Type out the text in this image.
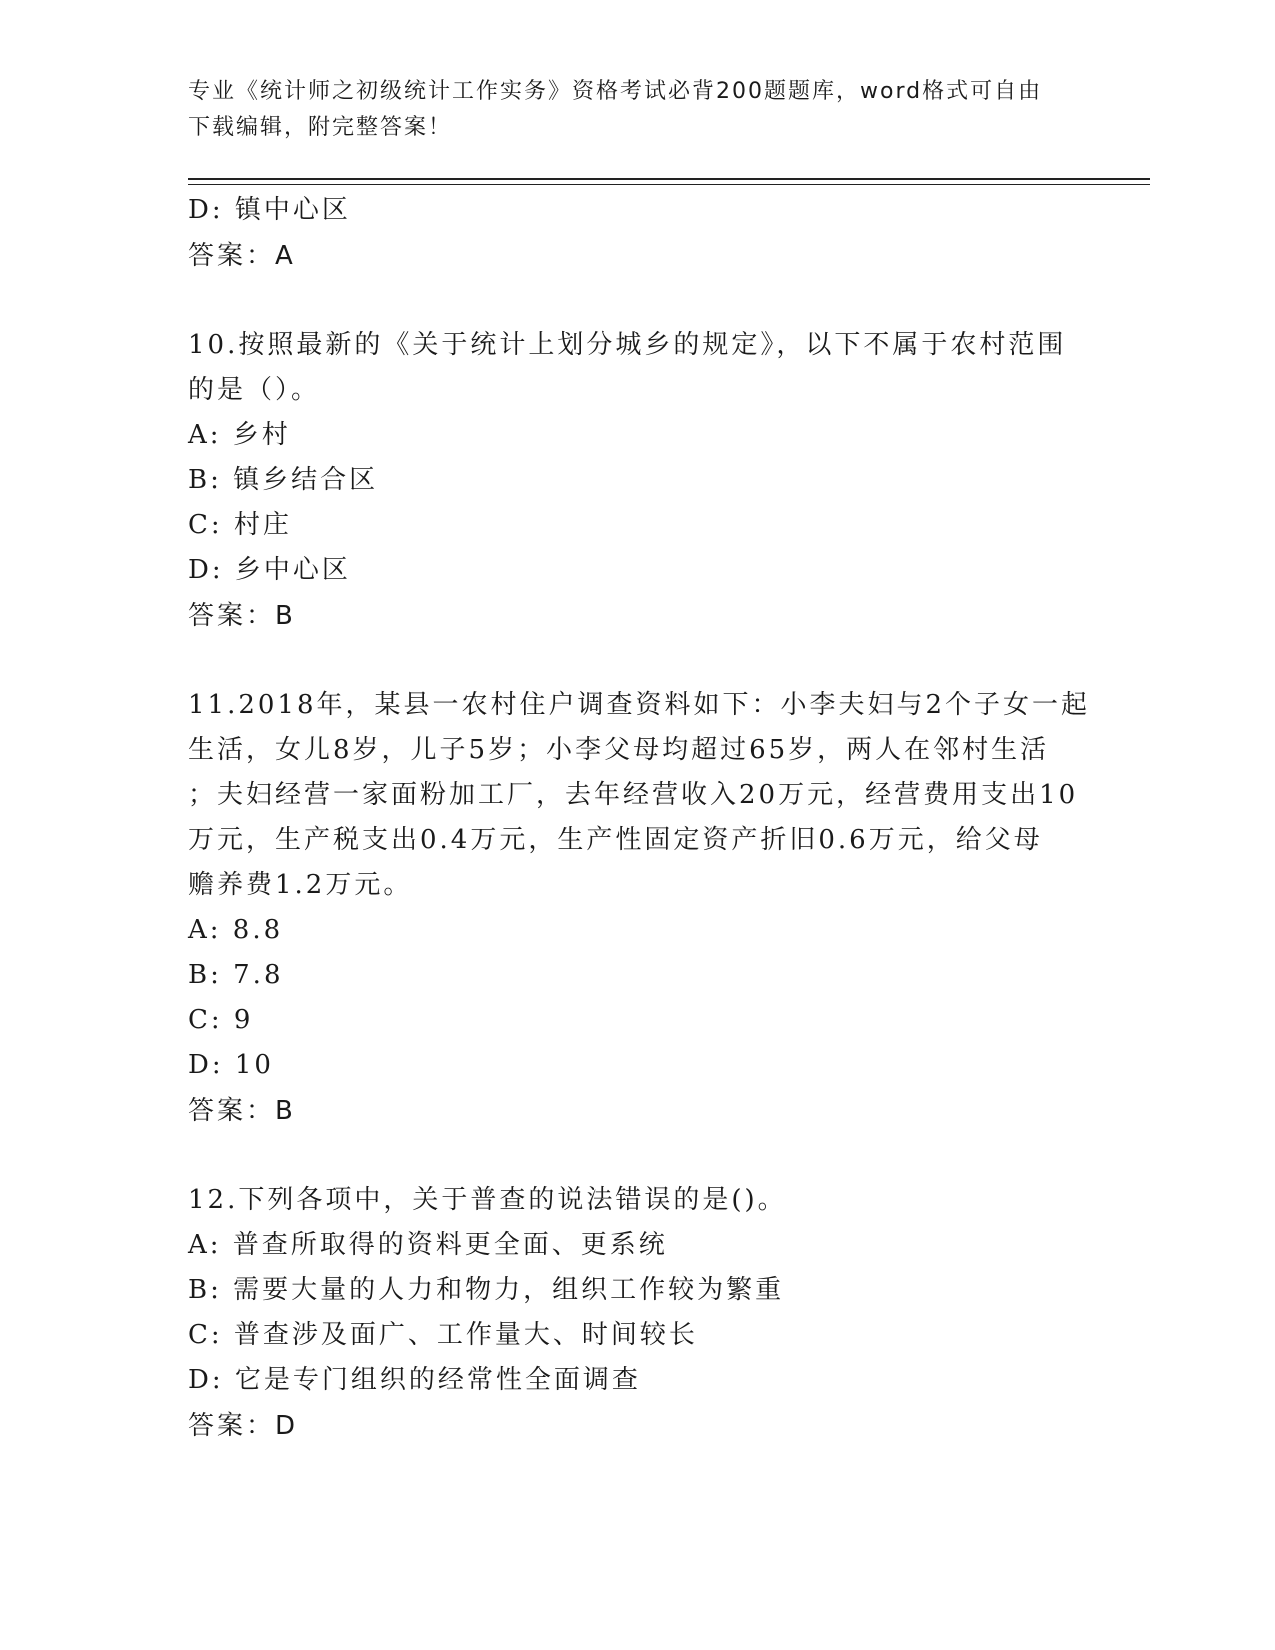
专业《统计师之初级统计工作实务》资格考试必背200题题库，word格式可自由
下载编辑，附完整答案！
D: 镇中心区
答案：A
10.按照最新的《关于统计上划分城乡的规定》，以下不属于农村范围
的是（）。
A: 乡村
B: 镇乡结合区
C: 村庄
D: 乡中心区
答案：B
11.2018年，某县一农村住户调查资料如下：小李夫妇与2个子女一起
生活，女儿8岁，儿子5岁；小李父母均超过65岁，两人在邻村生活
；夫妇经营一家面粉加工厂，去年经营收入20万元，经营费用支出10
万元，生产税支出0.4万元，生产性固定资产折旧0.6万元，给父母
赡养费1.2万元。
A: 8.8
B: 7.8
C: 9
D: 10
答案：B
12.下列各项中，关于普查的说法错误的是()。
A: 普查所取得的资料更全面、更系统
B: 需要大量的人力和物力，组织工作较为繁重
C: 普查涉及面广、工作量大、时间较长
D: 它是专门组织的经常性全面调查
答案：D
